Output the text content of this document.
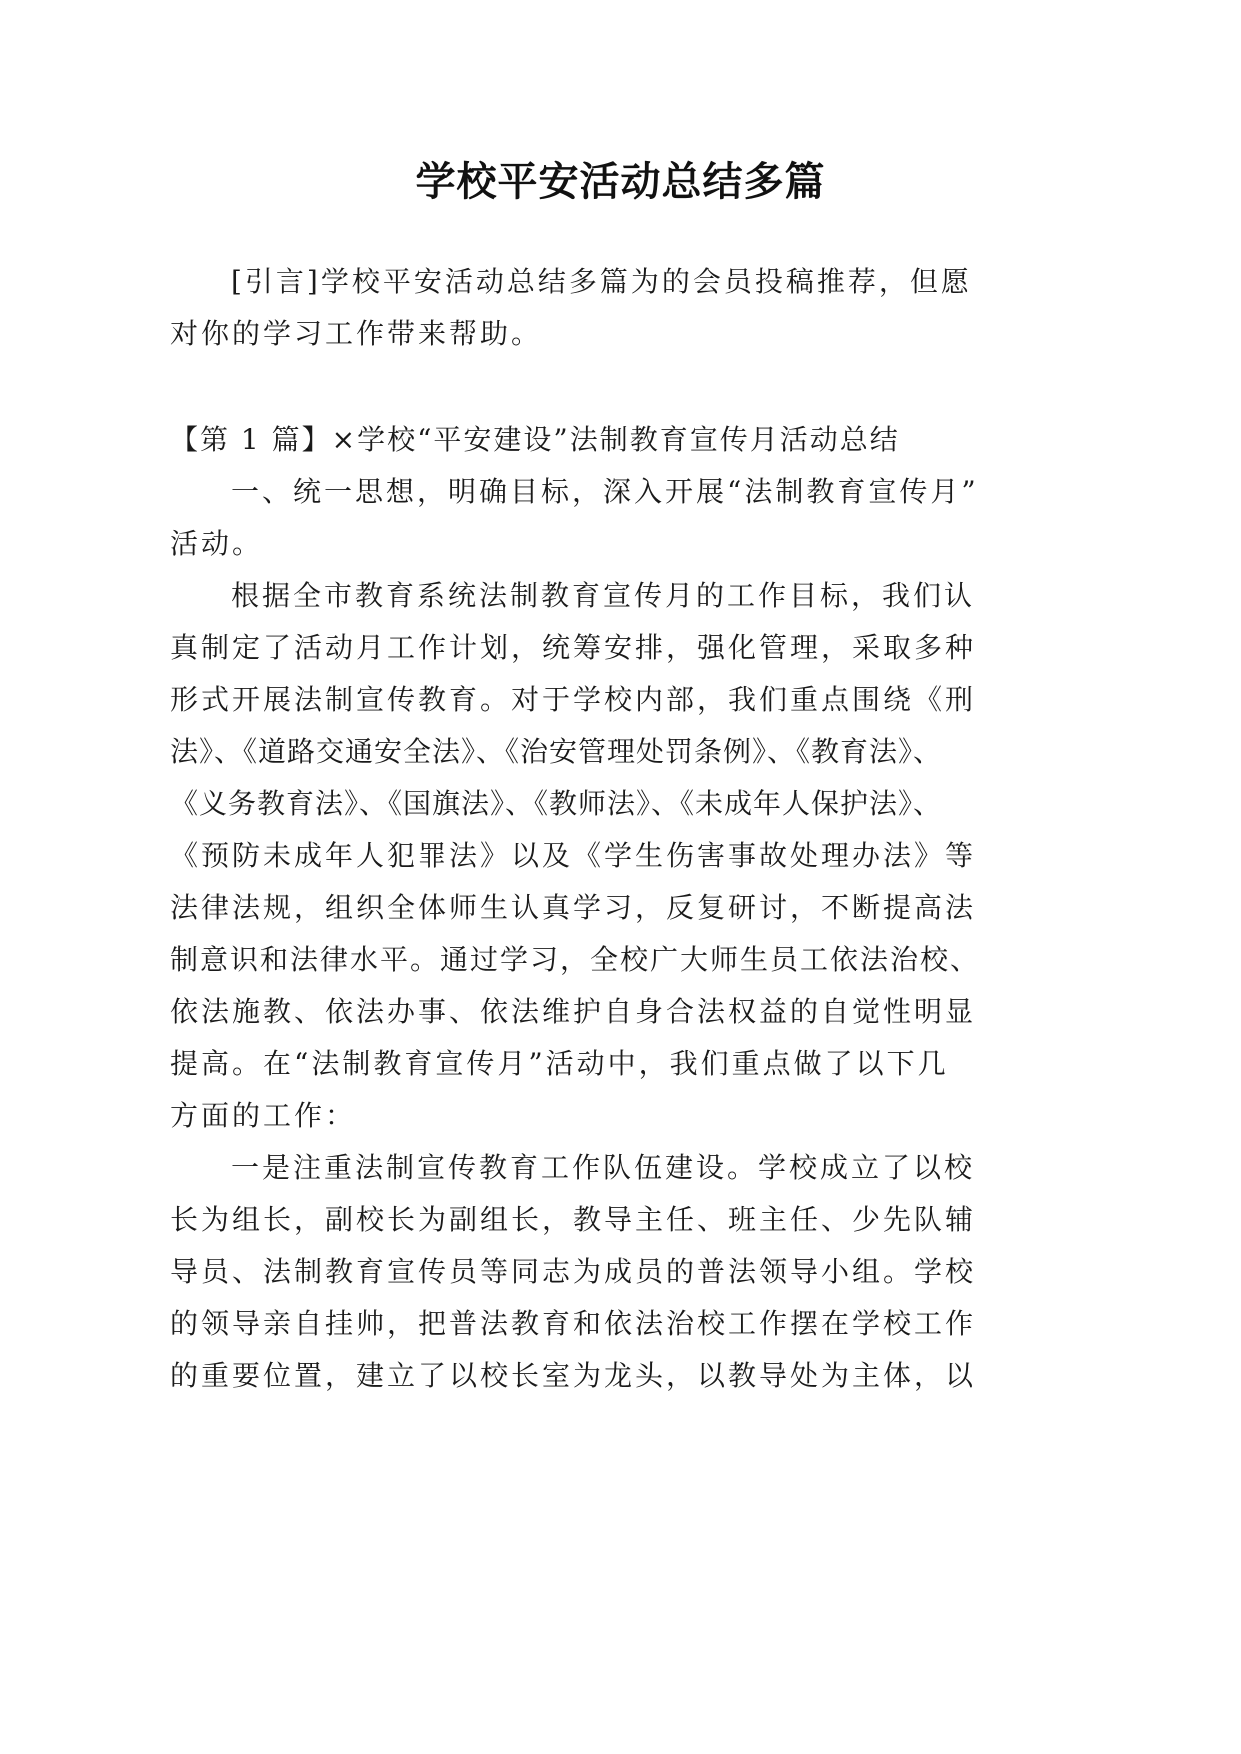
学校平安活动总结多篇
[引言]学校平安活动总结多篇为的会员投稿推荐，但愿
对你的学习工作带来帮助。
【第 1 篇】×学校“平安建设”法制教育宣传月活动总结
一、统一思想，明确目标，深入开展“法制教育宣传月”
活动。
根据全市教育系统法制教育宣传月的工作目标，我们认
真制定了活动月工作计划，统筹安排，强化管理，采取多种
形式开展法制宣传教育。对于学校内部，我们重点围绕《刑
法》、《道路交通安全法》、《治安管理处罚条例》、《教育法》、
《义务教育法》、《国旗法》、《教师法》、《未成年人保护法》、
《预防未成年人犯罪法》以及《学生伤害事故处理办法》等
法律法规，组织全体师生认真学习，反复研讨，不断提高法
制意识和法律水平。通过学习，全校广大师生员工依法治校、
依法施教、依法办事、依法维护自身合法权益的自觉性明显
提高。在“法制教育宣传月”活动中，我们重点做了以下几
方面的工作：
一是注重法制宣传教育工作队伍建设。学校成立了以校
长为组长，副校长为副组长，教导主任、班主任、少先队辅
导员、法制教育宣传员等同志为成员的普法领导小组。学校
的领导亲自挂帅，把普法教育和依法治校工作摆在学校工作
的重要位置，建立了以校长室为龙头，以教导处为主体，以
